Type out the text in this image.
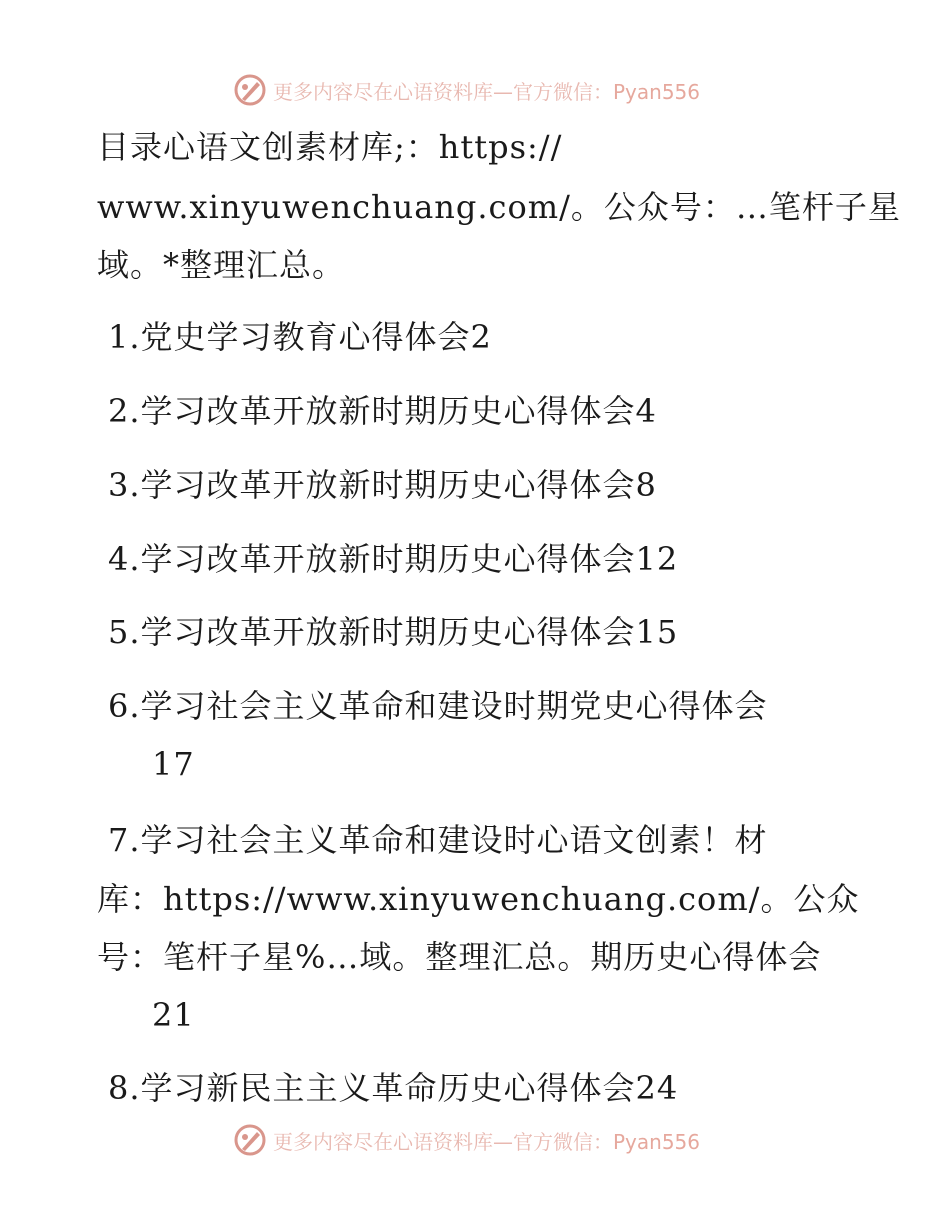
更多内容尽在心语资料库—官方微信：Pyan556
目录心语文创素材库;：https://
www.xinyuwenchuang.com/。公众号：…笔杆子星
域。*整理汇总。
1.党史学习教育心得体会2
2.学习改革开放新时期历史心得体会4
3.学习改革开放新时期历史心得体会8
4.学习改革开放新时期历史心得体会12
5.学习改革开放新时期历史心得体会15
6.学习社会主义革命和建设时期党史心得体会
17
7.学习社会主义革命和建设时心语文创素！材
库：https://www.xinyuwenchuang.com/。公众
号：笔杆子星%…域。整理汇总。期历史心得体会
21
8.学习新民主主义革命历史心得体会24
更多内容尽在心语资料库—官方微信：Pyan556
